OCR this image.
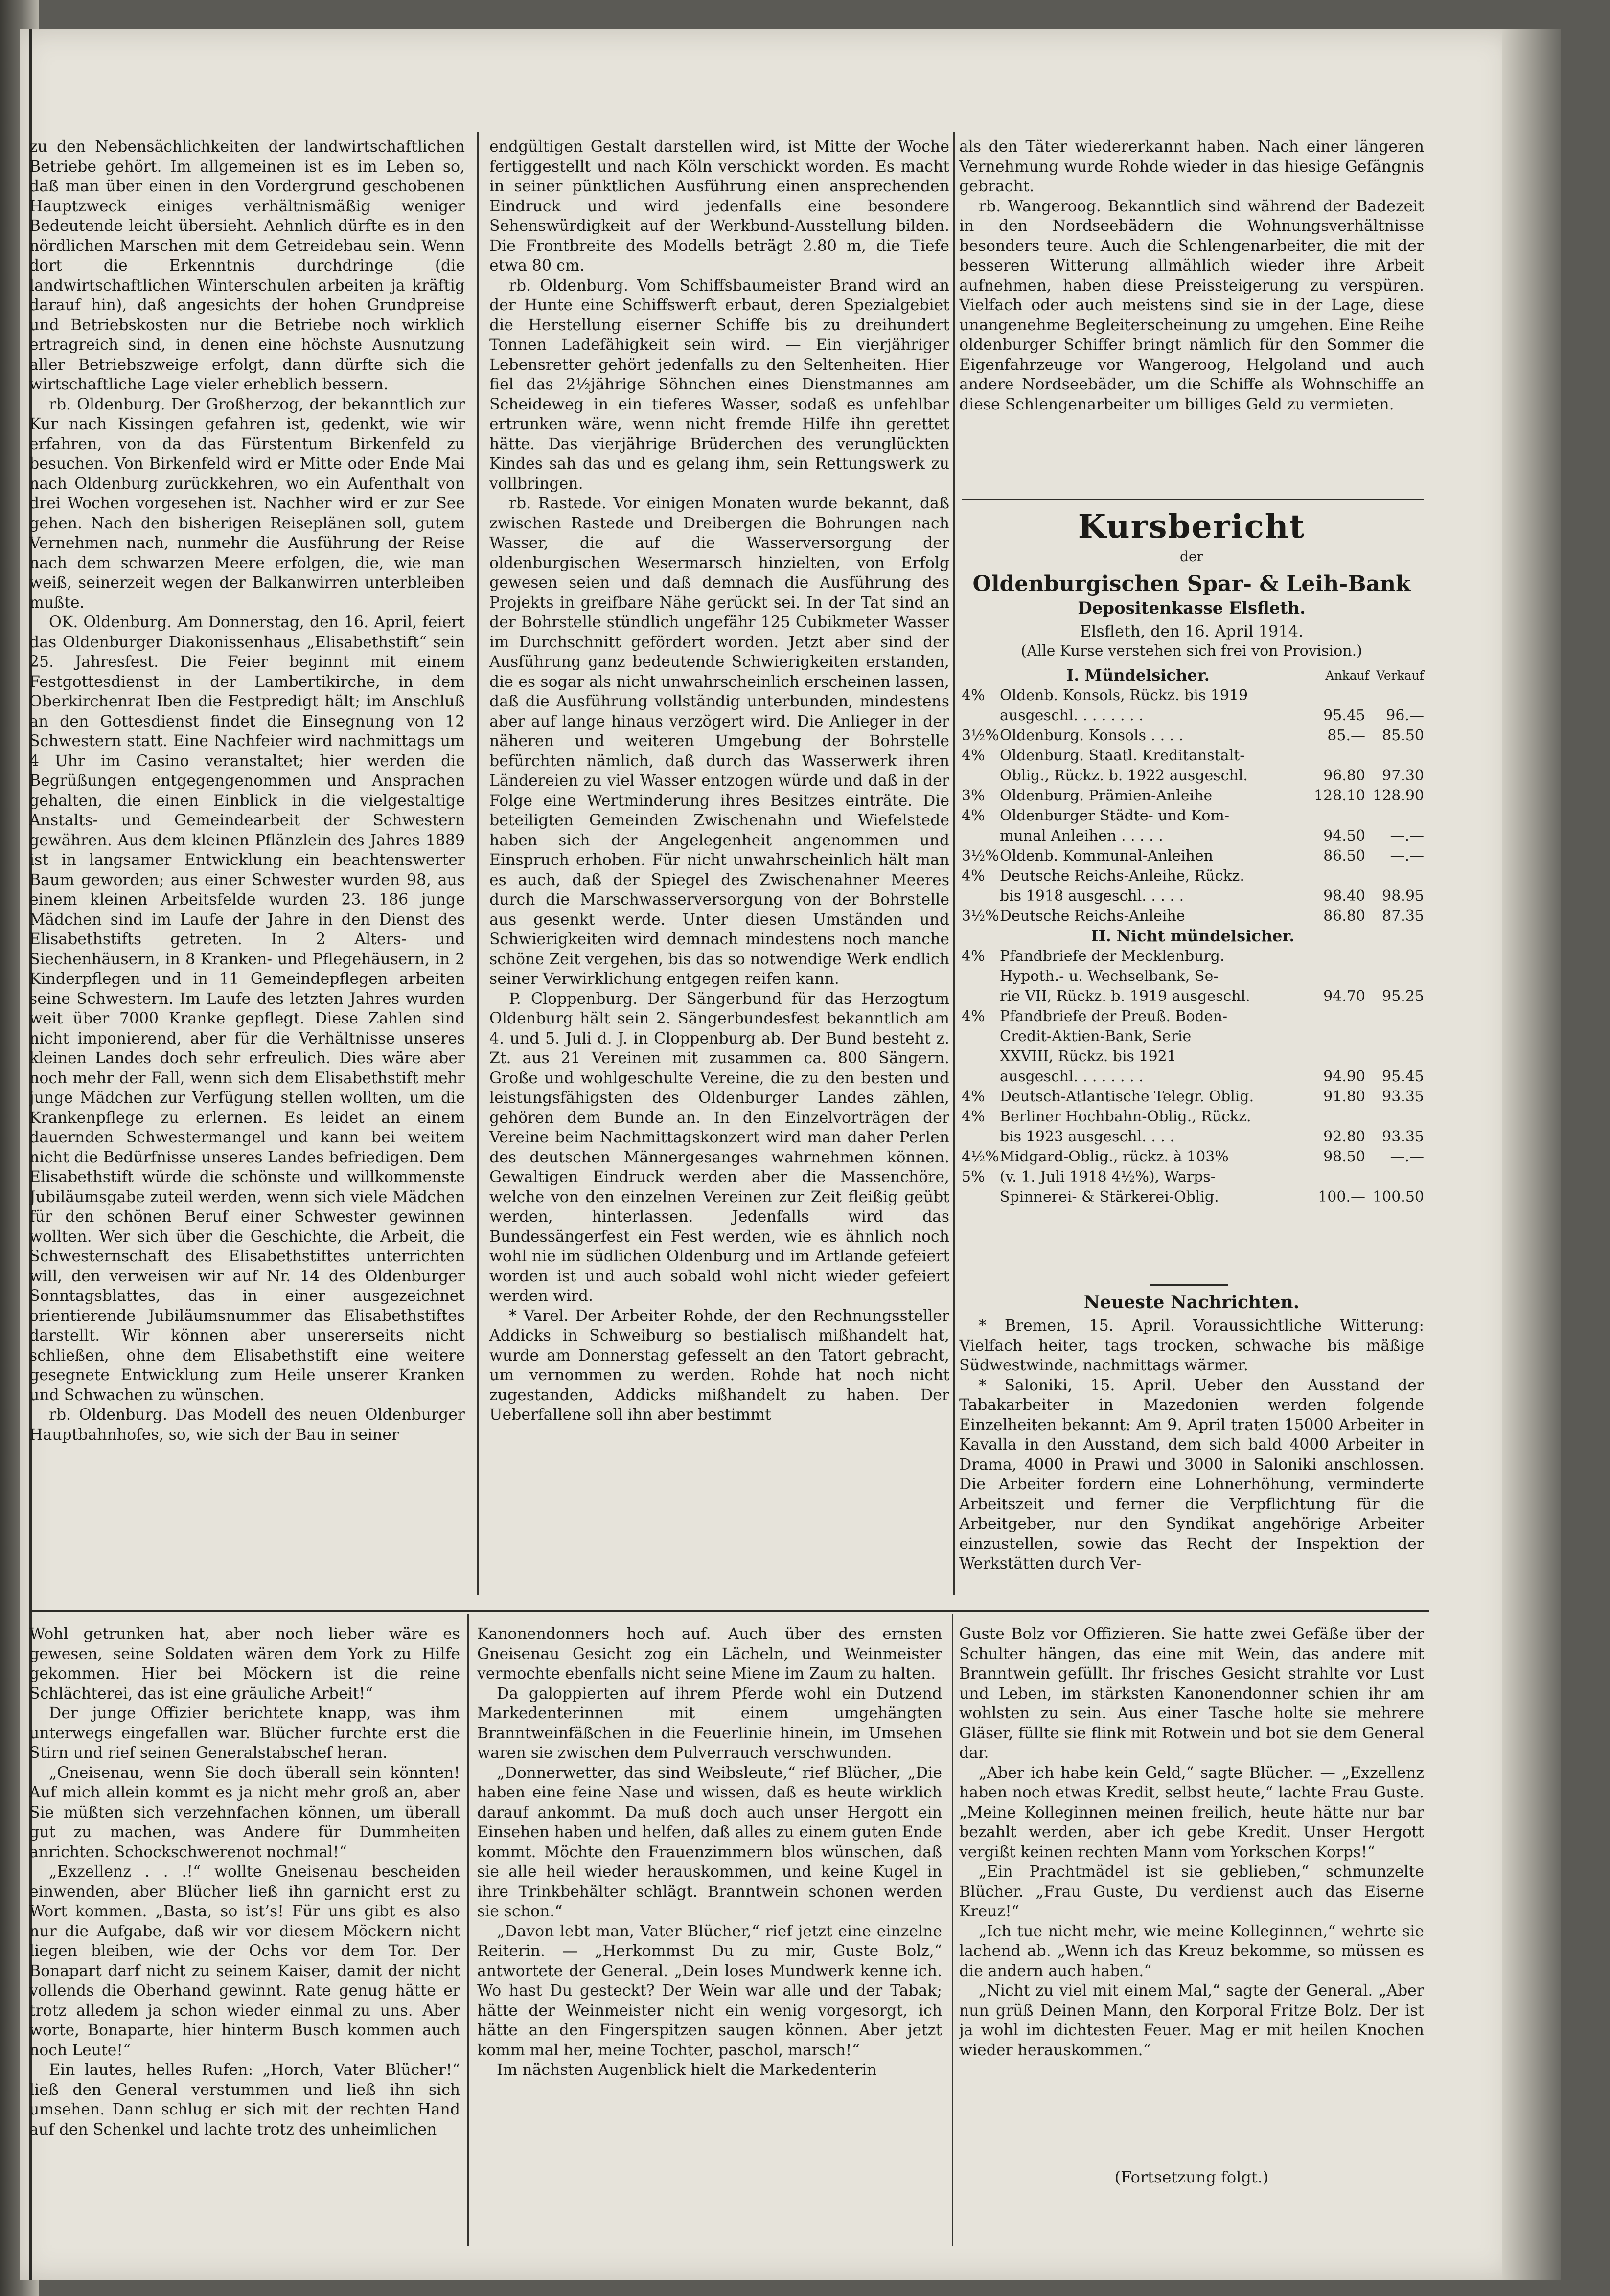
zu den Nebensächlichkeiten der landwirtschaftlichen Betriebe gehört. Im allgemeinen ist es im Leben so, daß man über einen in den Vordergrund geschobenen Hauptzweck einiges verhältnismäßig weniger Bedeutende leicht übersieht. Aehnlich dürfte es in den nördlichen Marschen mit dem Getreidebau sein. Wenn dort die Erkenntnis durchdringe (die landwirtschaftlichen Winterschulen arbeiten ja kräftig darauf hin), daß angesichts der hohen Grundpreise und Betriebskosten nur die Betriebe noch wirklich ertragreich sind, in denen eine höchste Ausnutzung aller Betriebszweige erfolgt, dann dürfte sich die wirtschaftliche Lage vieler erheblich bessern.

rb. Oldenburg. Der Großherzog, der bekanntlich zur Kur nach Kissingen gefahren ist, gedenkt, wie wir erfahren, von da das Fürstentum Birkenfeld zu besuchen. Von Birkenfeld wird er Mitte oder Ende Mai nach Oldenburg zurückkehren, wo ein Aufenthalt von drei Wochen vorgesehen ist. Nachher wird er zur See gehen. Nach den bisherigen Reiseplänen soll, gutem Vernehmen nach, nunmehr die Ausführung der Reise nach dem schwarzen Meere erfolgen, die, wie man weiß, seinerzeit wegen der Balkanwirren unterbleiben mußte.

OK. Oldenburg. Am Donnerstag, den 16. April, feiert das Oldenburger Diakonissenhaus „Elisabethstift“ sein 25. Jahresfest. Die Feier beginnt mit einem Festgottesdienst in der Lambertikirche, in dem Oberkirchenrat Iben die Festpredigt hält; im Anschluß an den Gottesdienst findet die Einsegnung von 12 Schwestern statt. Eine Nachfeier wird nachmittags um 4 Uhr im Casino veranstaltet; hier werden die Begrüßungen entgegengenommen und Ansprachen gehalten, die einen Einblick in die vielgestaltige Anstalts- und Gemeindearbeit der Schwestern gewähren. Aus dem kleinen Pflänzlein des Jahres 1889 ist in langsamer Entwicklung ein beachtenswerter Baum geworden; aus einer Schwester wurden 98, aus einem kleinen Arbeitsfelde wurden 23. 186 junge Mädchen sind im Laufe der Jahre in den Dienst des Elisabethstifts getreten. In 2 Alters- und Siechenhäusern, in 8 Kranken- und Pflegehäusern, in 2 Kinderpflegen und in 11 Gemeindepflegen arbeiten seine Schwestern. Im Laufe des letzten Jahres wurden weit über 7000 Kranke gepflegt. Diese Zahlen sind nicht imponierend, aber für die Verhältnisse unseres kleinen Landes doch sehr erfreulich. Dies wäre aber noch mehr der Fall, wenn sich dem Elisabethstift mehr junge Mädchen zur Verfügung stellen wollten, um die Krankenpflege zu erlernen. Es leidet an einem dauernden Schwestermangel und kann bei weitem nicht die Bedürfnisse unseres Landes befriedigen. Dem Elisabethstift würde die schönste und willkommenste Jubiläumsgabe zuteil werden, wenn sich viele Mädchen für den schönen Beruf einer Schwester gewinnen wollten. Wer sich über die Geschichte, die Arbeit, die Schwesternschaft des Elisabethstiftes unterrichten will, den verweisen wir auf Nr. 14 des Oldenburger Sonntagsblattes, das in einer ausgezeichnet orientierende Jubiläumsnummer das Elisabethstiftes darstellt. Wir können aber unsererseits nicht schließen, ohne dem Elisabethstift eine weitere gesegnete Entwicklung zum Heile unserer Kranken und Schwachen zu wünschen.

rb. Oldenburg. Das Modell des neuen Oldenburger Hauptbahnhofes, so, wie sich der Bau in seiner

endgültigen Gestalt darstellen wird, ist Mitte der Woche fertiggestellt und nach Köln verschickt worden. Es macht in seiner pünktlichen Ausführung einen ansprechenden Eindruck und wird jedenfalls eine besondere Sehenswürdigkeit auf der Werkbund-Ausstellung bilden. Die Frontbreite des Modells beträgt 2.80 m, die Tiefe etwa 80 cm.

rb. Oldenburg. Vom Schiffsbaumeister Brand wird an der Hunte eine Schiffswerft erbaut, deren Spezialgebiet die Herstellung eiserner Schiffe bis zu dreihundert Tonnen Ladefähigkeit sein wird. — Ein vierjähriger Lebensretter gehört jedenfalls zu den Seltenheiten. Hier fiel das 2½jährige Söhnchen eines Dienstmannes am Scheideweg in ein tieferes Wasser, sodaß es unfehlbar ertrunken wäre, wenn nicht fremde Hilfe ihn gerettet hätte. Das vierjährige Brüderchen des verunglückten Kindes sah das und es gelang ihm, sein Rettungswerk zu vollbringen.

rb. Rastede. Vor einigen Monaten wurde bekannt, daß zwischen Rastede und Dreibergen die Bohrungen nach Wasser, die auf die Wasserversorgung der oldenburgischen Wesermarsch hinzielten, von Erfolg gewesen seien und daß demnach die Ausführung des Projekts in greifbare Nähe gerückt sei. In der Tat sind an der Bohrstelle stündlich ungefähr 125 Cubikmeter Wasser im Durchschnitt gefördert worden. Jetzt aber sind der Ausführung ganz bedeutende Schwierigkeiten erstanden, die es sogar als nicht unwahrscheinlich erscheinen lassen, daß die Ausführung vollständig unterbunden, mindestens aber auf lange hinaus verzögert wird. Die Anlieger in der näheren und weiteren Umgebung der Bohrstelle befürchten nämlich, daß durch das Wasserwerk ihren Ländereien zu viel Wasser entzogen würde und daß in der Folge eine Wertminderung ihres Besitzes einträte. Die beteiligten Gemeinden Zwischenahn und Wiefelstede haben sich der Angelegenheit angenommen und Einspruch erhoben. Für nicht unwahrscheinlich hält man es auch, daß der Spiegel des Zwischenahner Meeres durch die Marschwasserversorgung von der Bohrstelle aus gesenkt werde. Unter diesen Umständen und Schwierigkeiten wird demnach mindestens noch manche schöne Zeit vergehen, bis das so notwendige Werk endlich seiner Verwirklichung entgegen reifen kann.

P. Cloppenburg. Der Sängerbund für das Herzogtum Oldenburg hält sein 2. Sängerbundesfest bekanntlich am 4. und 5. Juli d. J. in Cloppenburg ab. Der Bund besteht z. Zt. aus 21 Vereinen mit zusammen ca. 800 Sängern. Große und wohlgeschulte Vereine, die zu den besten und leistungsfähigsten des Oldenburger Landes zählen, gehören dem Bunde an. In den Einzelvorträgen der Vereine beim Nachmittagskonzert wird man daher Perlen des deutschen Männergesanges wahrnehmen können. Gewaltigen Eindruck werden aber die Massenchöre, welche von den einzelnen Vereinen zur Zeit fleißig geübt werden, hinterlassen. Jedenfalls wird das Bundessängerfest ein Fest werden, wie es ähnlich noch wohl nie im südlichen Oldenburg und im Artlande gefeiert worden ist und auch sobald wohl nicht wieder gefeiert werden wird.

* Varel. Der Arbeiter Rohde, der den Rechnungssteller Addicks in Schweiburg so bestialisch mißhandelt hat, wurde am Donnerstag gefesselt an den Tatort gebracht, um vernommen zu werden. Rohde hat noch nicht zugestanden, Addicks mißhandelt zu haben. Der Ueberfallene soll ihn aber bestimmt

als den Täter wiedererkannt haben. Nach einer längeren Vernehmung wurde Rohde wieder in das hiesige Gefängnis gebracht.

rb. Wangeroog. Bekanntlich sind während der Badezeit in den Nordseebädern die Wohnungsverhältnisse besonders teure. Auch die Schlengenarbeiter, die mit der besseren Witterung allmählich wieder ihre Arbeit aufnehmen, haben diese Preissteigerung zu verspüren. Vielfach oder auch meistens sind sie in der Lage, diese unangenehme Begleiterscheinung zu umgehen. Eine Reihe oldenburger Schiffer bringt nämlich für den Sommer die Eigenfahrzeuge vor Wangeroog, Helgoland und auch andere Nordseebäder, um die Schiffe als Wohnschiffe an diese Schlengenarbeiter um billiges Geld zu vermieten.

Kursbericht
der
Oldenburgischen Spar- & Leih-Bank
Depositenkasse Elsfleth.
Elsfleth, den 16. April 1914.
(Alle Kurse verstehen sich frei von Provision.)
I. Mündelsicher.	Ankauf Verkauf
4%	Oldenb. Konsols, Rückz. bis 1919
ausgeschl. . . . . . . .	95.45	96.—
3½% Oldenburg. Konsols . . . .	85.—	85.50
4%	Oldenburg. Staatl. Kreditanstalt-
Oblig., Rückz. b. 1922 ausgeschl.	96.80	97.30
3%	Oldenburg. Prämien-Anleihe	128.10 128.90
4%	Oldenburger Städte- und Kom-
munal Anleihen . . . . .	94.50	—.—
3½% Oldenb. Kommunal-Anleihen	86.50	—.—
4%	Deutsche Reichs-Anleihe, Rückz.
bis 1918 ausgeschl. . . . .	98.40	98.95
3½% Deutsche Reichs-Anleihe	86.80	87.35
II. Nicht mündelsicher.
4%	Pfandbriefe der Mecklenburg.
Hypoth.- u. Wechselbank, Se-
rie VII, Rückz. b. 1919 ausgeschl.	94.70	95.25
4%	Pfandbriefe der Preuß. Boden-
Credit-Aktien-Bank, Serie
XXVIII, Rückz. bis 1921
ausgeschl. . . . . . . .	94.90	95.45
4%	Deutsch-Atlantische Telegr. Oblig.	91.80	93.35
4%	Berliner Hochbahn-Oblig., Rückz.
bis 1923 ausgeschl. . . .	92.80	93.35
4½% Midgard-Oblig., rückz. à 103%	98.50	—.—
5%	(v. 1. Juli 1918 4½%), Warps-
Spinnerei- & Stärkerei-Oblig.	100.— 100.50
Neueste Nachrichten.

* Bremen, 15. April. Voraussichtliche Witterung: Vielfach heiter, tags trocken, schwache bis mäßige Südwestwinde, nachmittags wärmer.

* Saloniki, 15. April. Ueber den Ausstand der Tabakarbeiter in Mazedonien werden folgende Einzelheiten bekannt: Am 9. April traten 15000 Arbeiter in Kavalla in den Ausstand, dem sich bald 4000 Arbeiter in Drama, 4000 in Prawi und 3000 in Saloniki anschlossen. Die Arbeiter fordern eine Lohnerhöhung, verminderte Arbeitszeit und ferner die Verpflichtung für die Arbeitgeber, nur den Syndikat angehörige Arbeiter einzustellen, sowie das Recht der Inspektion der Werkstätten durch Ver-

Wohl getrunken hat, aber noch lieber wäre es gewesen, seine Soldaten wären dem York zu Hilfe gekommen. Hier bei Möckern ist die reine Schlächterei, das ist eine gräuliche Arbeit!“

Der junge Offizier berichtete knapp, was ihm unterwegs eingefallen war. Blücher furchte erst die Stirn und rief seinen Generalstabschef heran.

„Gneisenau, wenn Sie doch überall sein könnten! Auf mich allein kommt es ja nicht mehr groß an, aber Sie müßten sich verzehnfachen können, um überall gut zu machen, was Andere für Dummheiten anrichten. Schockschwerenot nochmal!“

„Exzellenz . . .!“ wollte Gneisenau bescheiden einwenden, aber Blücher ließ ihn garnicht erst zu Wort kommen. „Basta, so ist’s! Für uns gibt es also nur die Aufgabe, daß wir vor diesem Möckern nicht liegen bleiben, wie der Ochs vor dem Tor. Der Bonapart darf nicht zu seinem Kaiser, damit der nicht vollends die Oberhand gewinnt. Rate genug hätte er trotz alledem ja schon wieder einmal zu uns. Aber worte, Bonaparte, hier hinterm Busch kommen auch noch Leute!“

Ein lautes, helles Rufen: „Horch, Vater Blücher!“ ließ den General verstummen und ließ ihn sich umsehen. Dann schlug er sich mit der rechten Hand auf den Schenkel und lachte trotz des unheimlichen

Kanonendonners hoch auf. Auch über des ernsten Gneisenau Gesicht zog ein Lächeln, und Weinmeister vermochte ebenfalls nicht seine Miene im Zaum zu halten.

Da galoppierten auf ihrem Pferde wohl ein Dutzend Markedenterinnen mit einem umgehängten Branntweinfäßchen in die Feuerlinie hinein, im Umsehen waren sie zwischen dem Pulverrauch verschwunden.

„Donnerwetter, das sind Weibsleute,“ rief Blücher, „Die haben eine feine Nase und wissen, daß es heute wirklich darauf ankommt. Da muß doch auch unser Hergott ein Einsehen haben und helfen, daß alles zu einem guten Ende kommt. Möchte den Frauenzimmern blos wünschen, daß sie alle heil wieder herauskommen, und keine Kugel in ihre Trinkbehälter schlägt. Branntwein schonen werden sie schon.“

„Davon lebt man, Vater Blücher,“ rief jetzt eine einzelne Reiterin. — „Herkommst Du zu mir, Guste Bolz,“ antwortete der General. „Dein loses Mundwerk kenne ich. Wo hast Du gesteckt? Der Wein war alle und der Tabak; hätte der Weinmeister nicht ein wenig vorgesorgt, ich hätte an den Fingerspitzen saugen können. Aber jetzt komm mal her, meine Tochter, paschol, marsch!“

Im nächsten Augenblick hielt die Markedenterin

Guste Bolz vor Offizieren. Sie hatte zwei Gefäße über der Schulter hängen, das eine mit Wein, das andere mit Branntwein gefüllt. Ihr frisches Gesicht strahlte vor Lust und Leben, im stärksten Kanonendonner schien ihr am wohlsten zu sein. Aus einer Tasche holte sie mehrere Gläser, füllte sie flink mit Rotwein und bot sie dem General dar.

„Aber ich habe kein Geld,“ sagte Blücher. — „Exzellenz haben noch etwas Kredit, selbst heute,“ lachte Frau Guste. „Meine Kolleginnen meinen freilich, heute hätte nur bar bezahlt werden, aber ich gebe Kredit. Unser Hergott vergißt keinen rechten Mann vom Yorkschen Korps!“

„Ein Prachtmädel ist sie geblieben,“ schmunzelte Blücher. „Frau Guste, Du verdienst auch das Eiserne Kreuz!“

„Ich tue nicht mehr, wie meine Kolleginnen,“ wehrte sie lachend ab. „Wenn ich das Kreuz bekomme, so müssen es die andern auch haben.“

„Nicht zu viel mit einem Mal,“ sagte der General. „Aber nun grüß Deinen Mann, den Korporal Fritze Bolz. Der ist ja wohl im dichtesten Feuer. Mag er mit heilen Knochen wieder herauskommen.“

(Fortsetzung folgt.)
